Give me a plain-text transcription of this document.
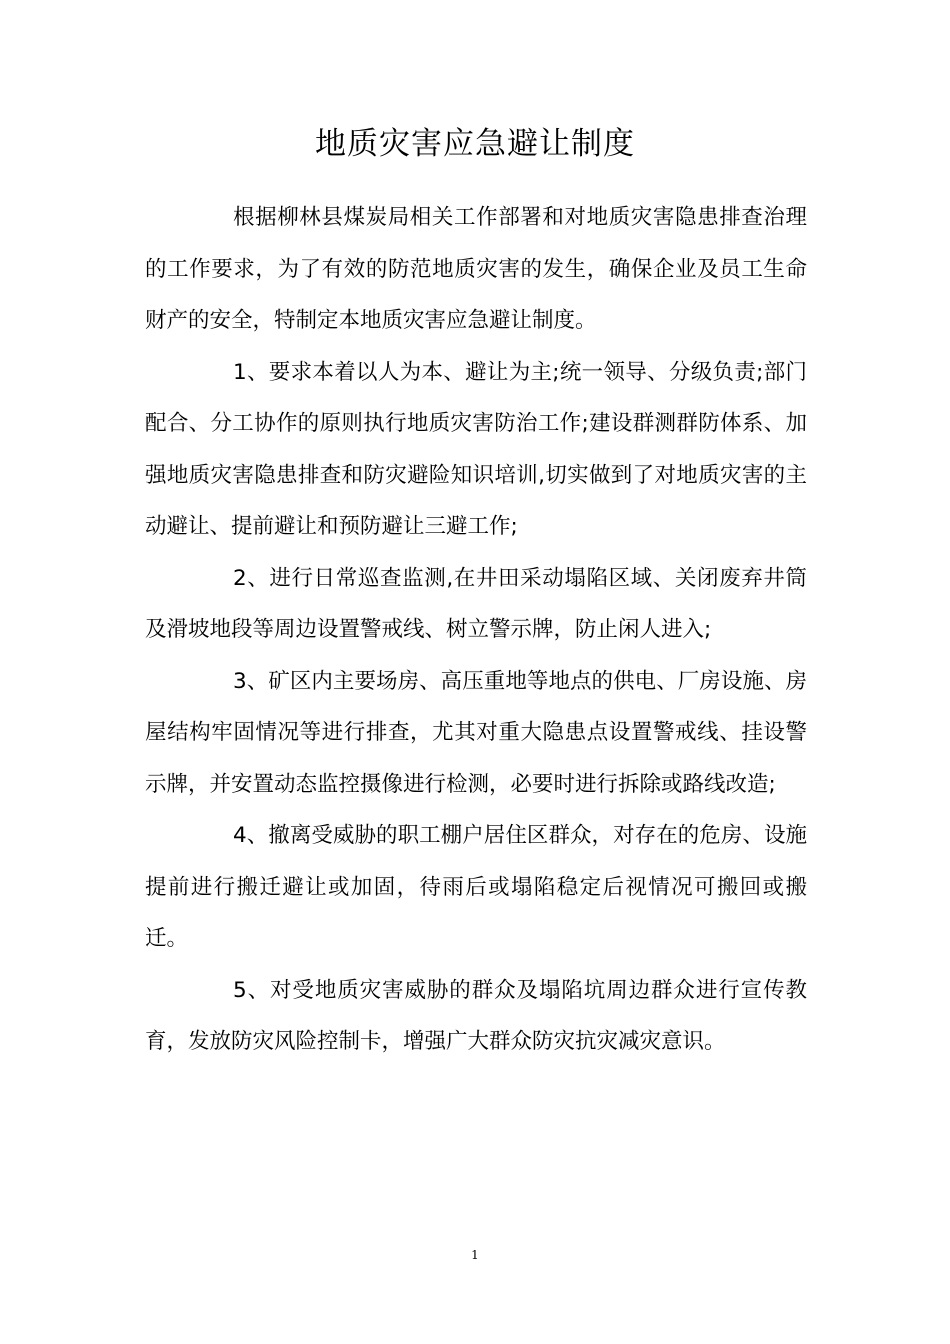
地质灾害应急避让制度

根据柳林县煤炭局相关工作部署和对地质灾害隐患排查治理的工作要求，为了有效的防范地质灾害的发生，确保企业及员工生命财产的安全，特制定本地质灾害应急避让制度。

1、要求本着以人为本、避让为主;统一领导、分级负责;部门配合、分工协作的原则执行地质灾害防治工作;建设群测群防体系、加强地质灾害隐患排查和防灾避险知识培训,切实做到了对地质灾害的主动避让、提前避让和预防避让三避工作;

2、进行日常巡查监测,在井田采动塌陷区域、关闭废弃井筒及滑坡地段等周边设置警戒线、树立警示牌，防止闲人进入;

3、矿区内主要场房、高压重地等地点的供电、厂房设施、房屋结构牢固情况等进行排查，尤其对重大隐患点设置警戒线、挂设警示牌，并安置动态监控摄像进行检测，必要时进行拆除或路线改造;

4、撤离受威胁的职工棚户居住区群众，对存在的危房、设施提前进行搬迁避让或加固，待雨后或塌陷稳定后视情况可搬回或搬迁。

5、对受地质灾害威胁的群众及塌陷坑周边群众进行宣传教育，发放防灾风险控制卡，增强广大群众防灾抗灾减灾意识。

1
